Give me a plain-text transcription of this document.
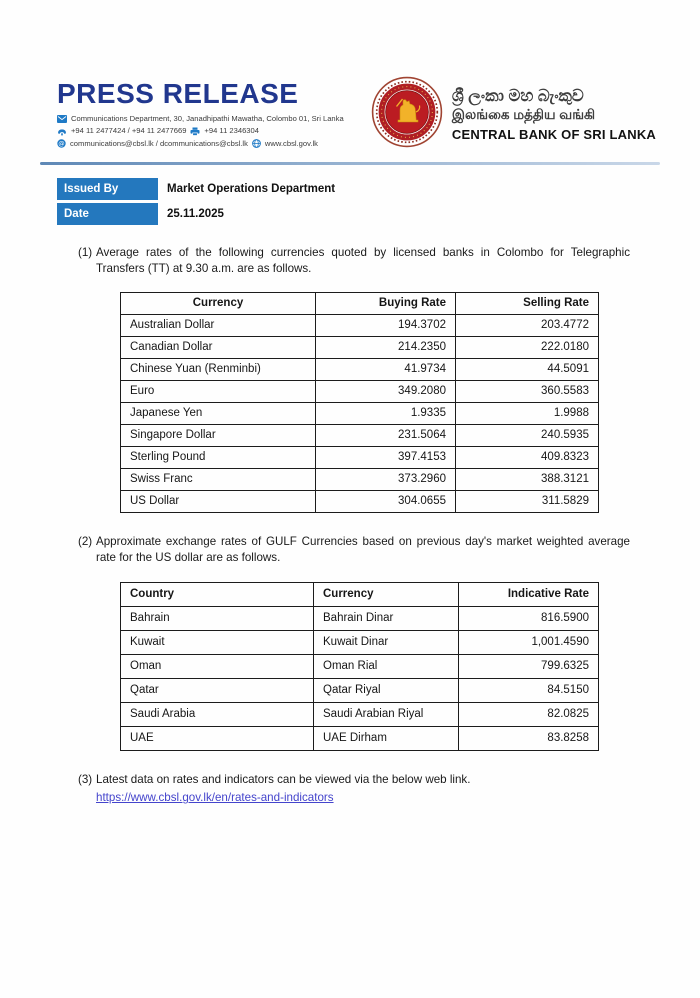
PRESS RELEASE
Communications Department, 30, Janadhipathi Mawatha, Colombo 01, Sri Lanka
+94 11 2477424 / +94 11 2477669 +94 11 2346304
@ communications@cbsl.lk / dcommunications@cbsl.lk www.cbsl.gov.lk
ශ්‍රී ලංකා මහ බැංකුව
இலங்கை மத்திய வங்கி
CENTRAL BANK OF SRI LANKA
Issued By	Market Operations Department
Date	25.11.2025
(1) Average rates of the following currencies quoted by licensed banks in Colombo for Telegraphic Transfers (TT) at 9.30 a.m. are as follows.
Currency	Buying Rate	Selling Rate
Australian Dollar	194.3702	203.4772
Canadian Dollar	214.2350	222.0180
Chinese Yuan (Renminbi)	41.9734	44.5091
Euro	349.2080	360.5583
Japanese Yen	1.9335	1.9988
Singapore Dollar	231.5064	240.5935
Sterling Pound	397.4153	409.8323
Swiss Franc	373.2960	388.3121
US Dollar	304.0655	311.5829
(2) Approximate exchange rates of GULF Currencies based on previous day's market weighted average rate for the US dollar are as follows.
Country	Currency	Indicative Rate
Bahrain	Bahrain Dinar	816.5900
Kuwait	Kuwait Dinar	1,001.4590
Oman	Oman Rial	799.6325
Qatar	Qatar Riyal	84.5150
Saudi Arabia	Saudi Arabian Riyal	82.0825
UAE	UAE Dirham	83.8258
(3) Latest data on rates and indicators can be viewed via the below web link.
https://www.cbsl.gov.lk/en/rates-and-indicators
